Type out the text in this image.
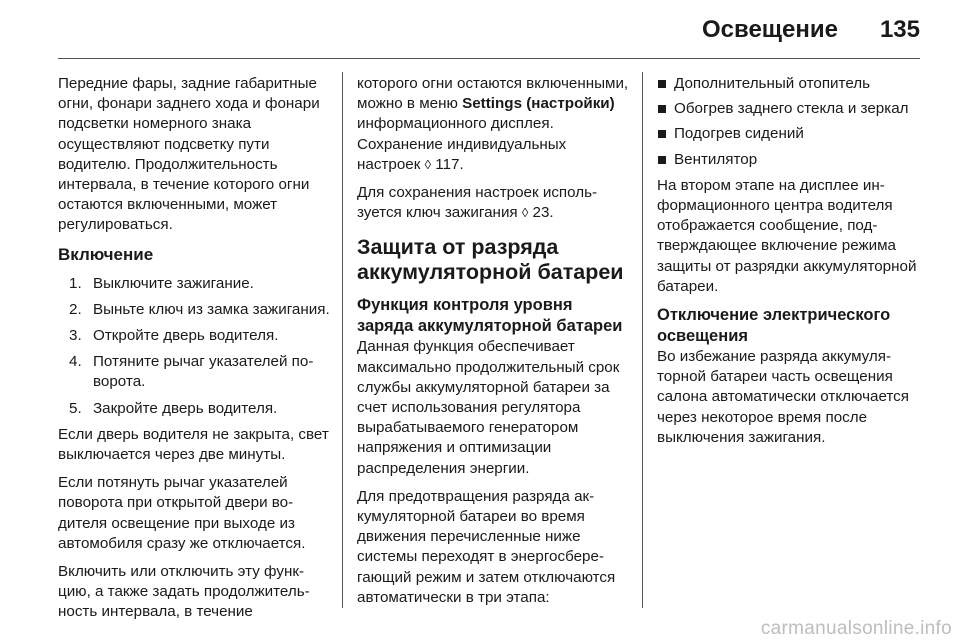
Освещение 135

Передние фары, задние габаритные огни, фонари заднего хода и фонари подсветки номерного знака осуществляют подсветку пути водителю. Продолжительность интервала, в течение которого огни остаются включенными, может регулироваться.

Включение
1. Выключите зажигание.
2. Выньте ключ из замка зажигания.
3. Откройте дверь водителя.
4. Потяните рычаг указателей поворота.
5. Закройте дверь водителя.

Если дверь водителя не закрыта, свет выключается через две минуты.

Если потянуть рычаг указателей поворота при открытой двери водителя освещение при выходе из автомобиля сразу же отключается.

Включить или отключить эту функцию, а также задать продолжительность интервала, в течение

которого огни остаются включенными, можно в меню Settings (настройки) информационного дисплея. Сохранение индивидуальных настроек ◊ 117.

Для сохранения настроек используется ключ зажигания ◊ 23.

Защита от разряда аккумуляторной батареи
Функция контроля уровня заряда аккумуляторной батареи

Данная функция обеспечивает максимально продолжительный срок службы аккумуляторной батареи за счет использования регулятора вырабатываемого генератором напряжения и оптимизации распределения энергии.

Для предотвращения разряда аккумуляторной батареи во время движения перечисленные ниже системы переходят в энергосберегающий режим и затем отключаются автоматически в три этапа:

Дополнительный отопитель
Обогрев заднего стекла и зеркал
Подогрев сидений
Вентилятор

На втором этапе на дисплее информационного центра водителя отображается сообщение, подтверждающее включение режима защиты от разрядки аккумуляторной батареи.

Отключение электрического освещения

Во избежание разряда аккумуляторной батареи часть освещения салона автоматически отключается через некоторое время после выключения зажигания.

carmanualsonline.info
